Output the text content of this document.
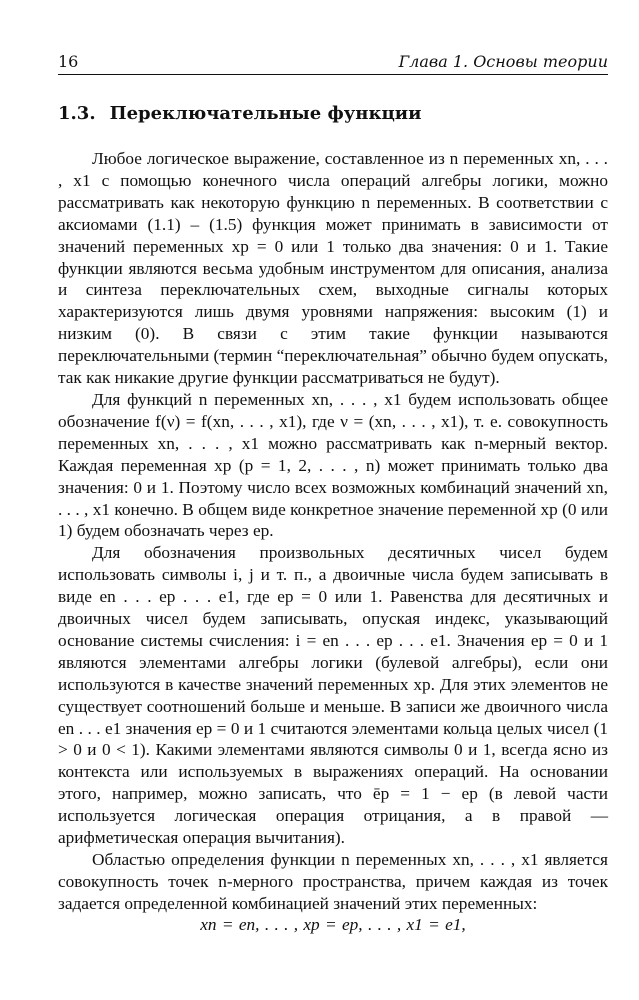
16	Глава 1. Основы теории
1.3. Переключательные функции

Любое логическое выражение, составленное из n переменных xn, . . . , x1 с помощью конечного числа операций алгебры логики, можно рассматривать как некоторую функцию n переменных. В соответствии с аксиомами (1.1) – (1.5) функция может принимать в зависимости от значений переменных xp = 0 или 1 только два значения: 0 и 1. Такие функции являются весьма удобным инструментом для описания, анализа и синтеза переключательных схем, выходные сигналы которых характеризуются лишь двумя уровнями напряжения: высоким (1) и низким (0). В связи с этим такие функции называются переключательными (термин “переключательная” обычно будем опускать, так как никакие другие функции рассматриваться не будут).

Для функций n переменных xn, . . . , x1 будем использовать общее обозначение f(ν) = f(xn, . . . , x1), где ν = (xn, . . . , x1), т. е. совокупность переменных xn, . . . , x1 можно рассматривать как n-мерный вектор. Каждая переменная xp (p = 1, 2, . . . , n) может принимать только два значения: 0 и 1. Поэтому число всех возможных комбинаций значений xn, . . . , x1 конечно. В общем виде конкретное значение переменной xp (0 или 1) будем обозначать через ep.

Для обозначения произвольных десятичных чисел будем использовать символы i, j и т. п., а двоичные числа будем записывать в виде en . . . ep . . . e1, где ep = 0 или 1. Равенства для десятичных и двоичных чисел будем записывать, опуская индекс, указывающий основание системы счисления: i = en . . . ep . . . e1. Значения ep = 0 и 1 являются элементами алгебры логики (булевой алгебры), если они используются в качестве значений переменных xp. Для этих элементов не существует соотношений больше и меньше. В записи же двоичного числа en . . . e1 значения ep = 0 и 1 считаются элементами кольца целых чисел (1 > 0 и 0 < 1). Какими элементами являются символы 0 и 1, всегда ясно из контекста или используемых в выражениях операций. На основании этого, например, можно записать, что ēp = 1 − ep (в левой части используется логическая операция отрицания, а в правой — арифметическая операция вычитания).

Областью определения функции n переменных xn, . . . , x1 является совокупность точек n-мерного пространства, причем каждая из точек задается определенной комбинацией значений этих переменных:

xn = en, . . . , xp = ep, . . . , x1 = e1,
